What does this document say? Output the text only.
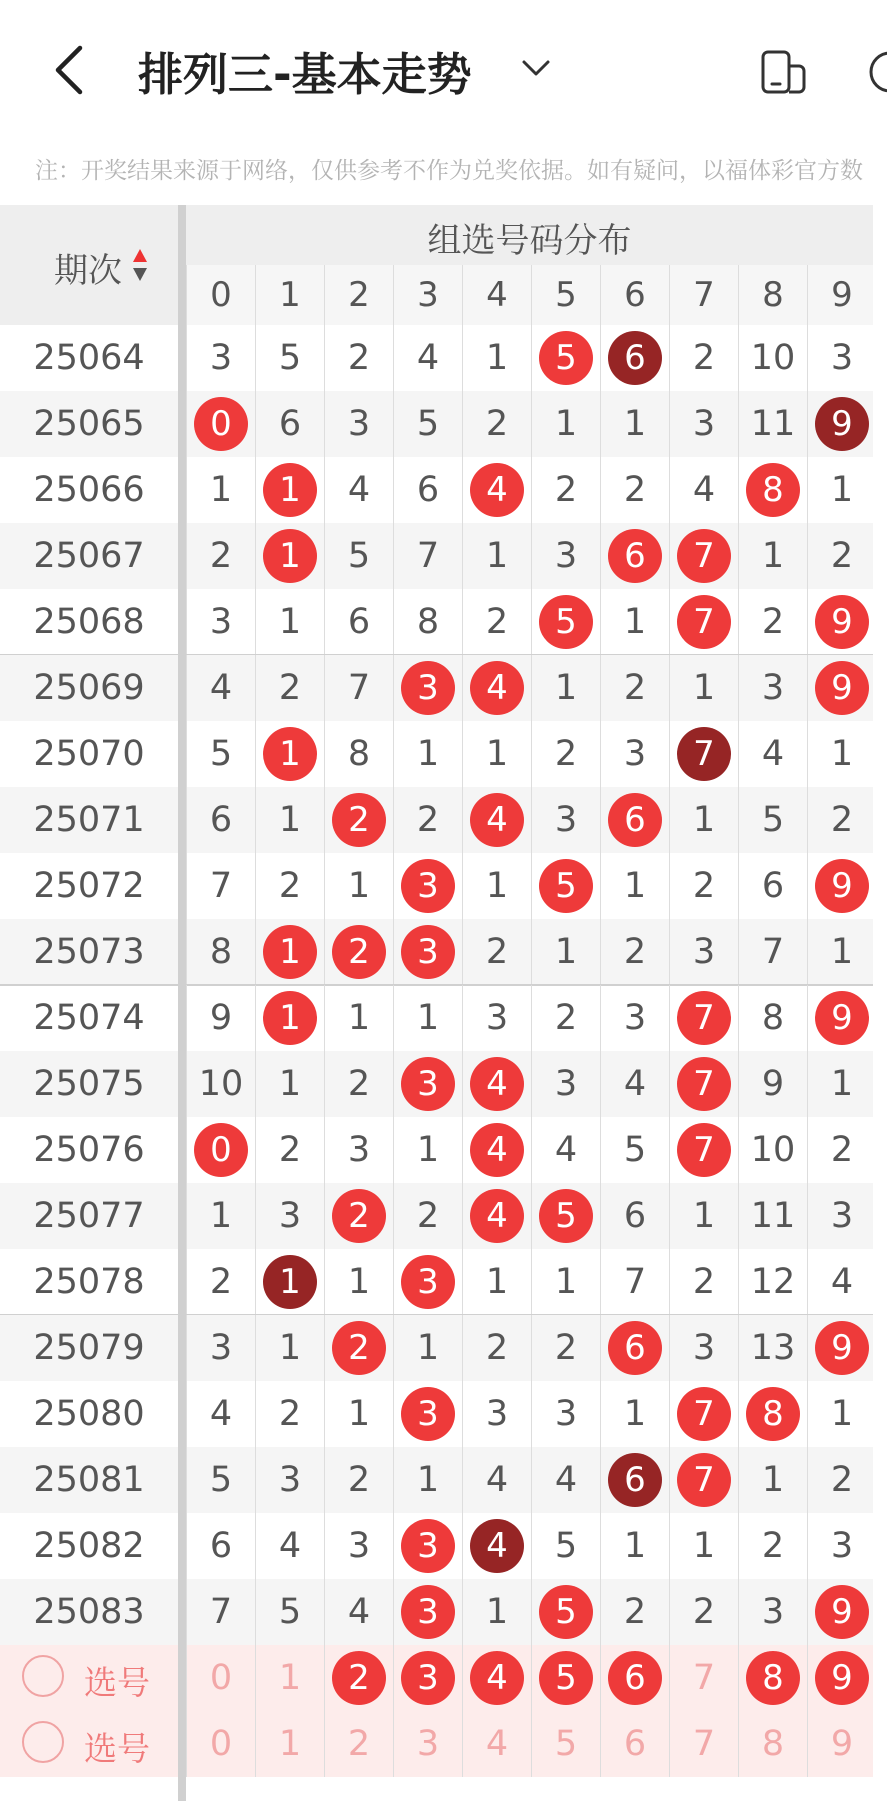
排列三-基本走势
注：开奖结果来源于网络，仅供参考不作为兑奖依据。如有疑问，以福体彩官方数
期次
组选号码分布
0	1	2	3	4	5	6	7	8	9
25064	3	5	2	4	1	5	6	2	10	3
25065	0	6	3	5	2	1	1	3	11	9
25066	1	1	4	6	4	2	2	4	8	1
25067	2	1	5	7	1	3	6	7	1	2
25068	3	1	6	8	2	5	1	7	2	9
25069	4	2	7	3	4	1	2	1	3	9
25070	5	1	8	1	1	2	3	7	4	1
25071	6	1	2	2	4	3	6	1	5	2
25072	7	2	1	3	1	5	1	2	6	9
25073	8	1	2	3	2	1	2	3	7	1
25074	9	1	1	1	3	2	3	7	8	9
25075	10	1	2	3	4	3	4	7	9	1
25076	0	2	3	1	4	4	5	7	10	2
25077	1	3	2	2	4	5	6	1	11	3
25078	2	1	1	3	1	1	7	2	12	4
25079	3	1	2	1	2	2	6	3	13	9
25080	4	2	1	3	3	3	1	7	8	1
25081	5	3	2	1	4	4	6	7	1	2
25082	6	4	3	3	4	5	1	1	2	3
25083	7	5	4	3	1	5	2	2	3	9
选号	0	1	2	3	4	5	6	7	8	9
选号	0	1	2	3	4	5	6	7	8	9
